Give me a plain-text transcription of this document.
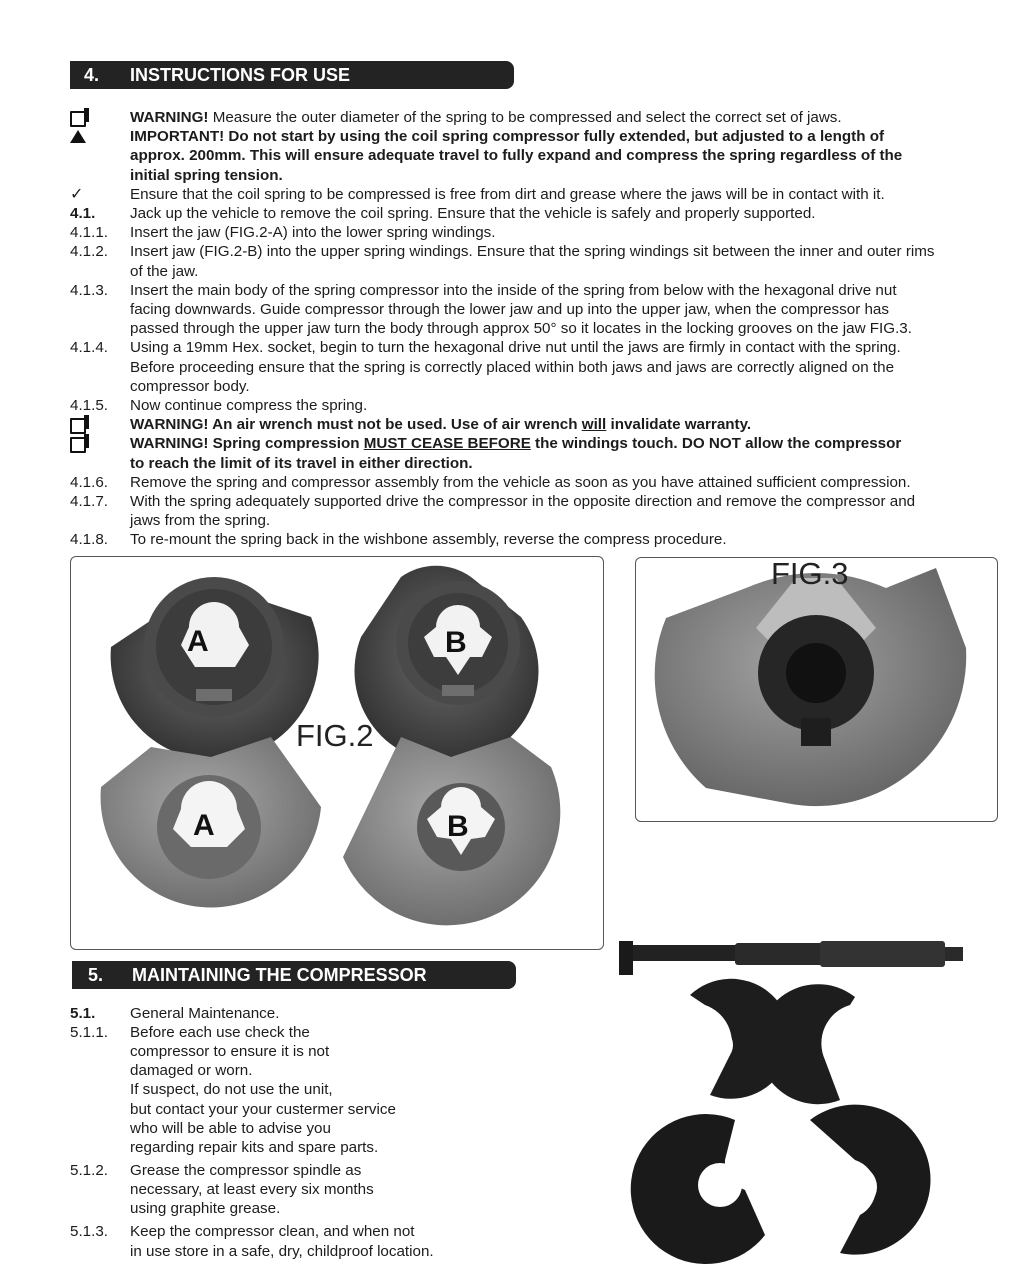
4. INSTRUCTIONS FOR USE
WARNING! Measure the outer diameter of the spring to be compressed and select the correct set of jaws.
IMPORTANT! Do not start by using the coil spring compressor fully extended, but adjusted to a length of
approx. 200mm. This will ensure adequate travel to fully expand and compress the spring regardless of the
initial spring tension.
✓	Ensure that the coil spring to be compressed is free from dirt and grease where the jaws will be in contact with it.
4.1. Jack up the vehicle to remove the coil spring. Ensure that the vehicle is safely and properly supported.
4.1.1. Insert the jaw (FIG.2-A) into the lower spring windings.
4.1.2. Insert jaw (FIG.2-B) into the upper spring windings. Ensure that the spring windings sit between the inner and outer rims
of the jaw.
4.1.3. Insert the main body of the spring compressor into the inside of the spring from below with the hexagonal drive nut
facing downwards. Guide compressor through the lower jaw and up into the upper jaw, when the compressor has
passed through the upper jaw turn the body through approx 50° so it locates in the locking grooves on the jaw FIG.3.
4.1.4. Using a 19mm Hex. socket, begin to turn the hexagonal drive nut until the jaws are firmly in contact with the spring.
Before proceeding ensure that the spring is correctly placed within both jaws and jaws are correctly aligned on the
compressor body.
4.1.5. Now continue compress the spring.
WARNING! An air wrench must not be used. Use of air wrench will invalidate warranty.
WARNING! Spring compression MUST CEASE BEFORE the windings touch. DO NOT allow the compressor
to reach the limit of its travel in either direction.
4.1.6. Remove the spring and compressor assembly from the vehicle as soon as you have attained sufficient compression.
4.1.7. With the spring adequately supported drive the compressor in the opposite direction and remove the compressor and
jaws from the spring.
4.1.8. To re-mount the spring back in the wishbone assembly, reverse the compress procedure.
A	B
A	B
FIG.2
FIG.3
5. MAINTAINING THE COMPRESSOR
5.1. General Maintenance.
5.1.1. Before each use check the
compressor to ensure it is not
damaged or worn.
If suspect, do not use the unit,
but contact your your custermer service
who will be able to advise you
regarding repair kits and spare parts.
5.1.2. Grease the compressor spindle as
necessary, at least every six months
using graphite grease.
5.1.3. Keep the compressor clean, and when not
in use store in a safe, dry, childproof location.
